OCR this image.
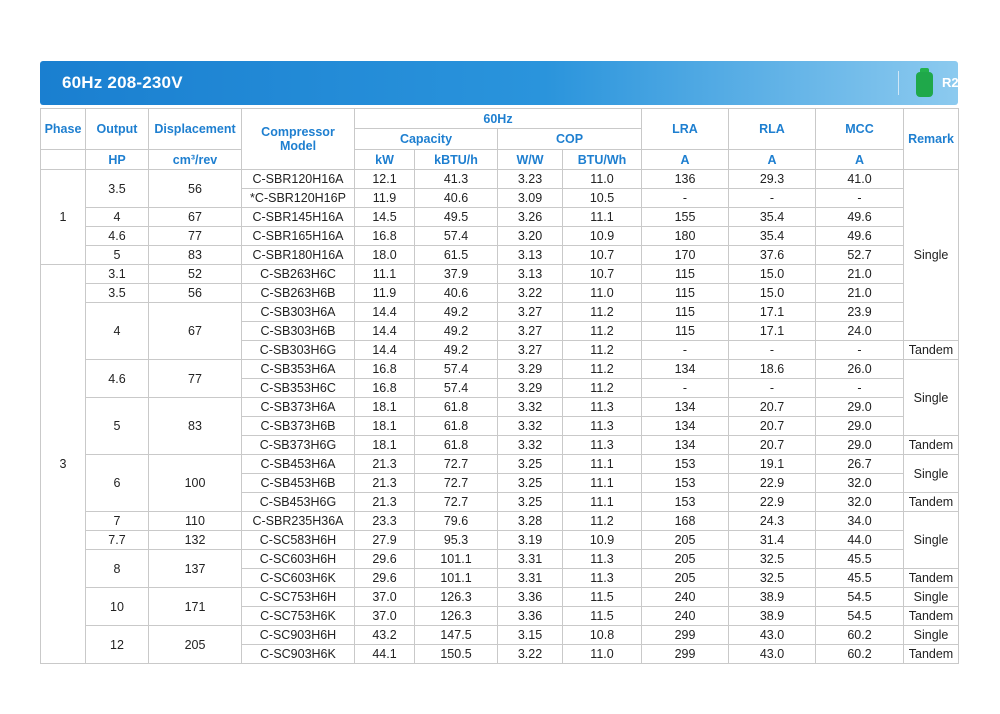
60Hz 208-230V	R22
Phase	Output	Displacement	Compressor Model	60Hz				LRA	RLA	MCC	Remark
				Capacity		COP					
	HP	cm³/rev		kW	kBTU/h	W/W	BTU/Wh	A	A	A	
1	3.5	56	C-SBR120H16A	12.1	41.3	3.23	11.0	136	29.3	41.0	Single
			*C-SBR120H16P	11.9	40.6	3.09	10.5	-	-	-	
	4	67	C-SBR145H16A	14.5	49.5	3.26	11.1	155	35.4	49.6	
	4.6	77	C-SBR165H16A	16.8	57.4	3.20	10.9	180	35.4	49.6	
	5	83	C-SBR180H16A	18.0	61.5	3.13	10.7	170	37.6	52.7	
3	3.1	52	C-SB263H6C	11.1	37.9	3.13	10.7	115	15.0	21.0	
	3.5	56	C-SB263H6B	11.9	40.6	3.22	11.0	115	15.0	21.0	
	4	67	C-SB303H6A	14.4	49.2	3.27	11.2	115	17.1	23.9	
			C-SB303H6B	14.4	49.2	3.27	11.2	115	17.1	24.0	
			C-SB303H6G	14.4	49.2	3.27	11.2	-	-	-	Tandem
	4.6	77	C-SB353H6A	16.8	57.4	3.29	11.2	134	18.6	26.0	Single
			C-SB353H6C	16.8	57.4	3.29	11.2	-	-	-	
	5	83	C-SB373H6A	18.1	61.8	3.32	11.3	134	20.7	29.0	
			C-SB373H6B	18.1	61.8	3.32	11.3	134	20.7	29.0	
			C-SB373H6G	18.1	61.8	3.32	11.3	134	20.7	29.0	Tandem
	6	100	C-SB453H6A	21.3	72.7	3.25	11.1	153	19.1	26.7	Single
			C-SB453H6B	21.3	72.7	3.25	11.1	153	22.9	32.0	
			C-SB453H6G	21.3	72.7	3.25	11.1	153	22.9	32.0	Tandem
	7	110	C-SBR235H36A	23.3	79.6	3.28	11.2	168	24.3	34.0	Single
	7.7	132	C-SC583H6H	27.9	95.3	3.19	10.9	205	31.4	44.0	
	8	137	C-SC603H6H	29.6	101.1	3.31	11.3	205	32.5	45.5	
			C-SC603H6K	29.6	101.1	3.31	11.3	205	32.5	45.5	Tandem
	10	171	C-SC753H6H	37.0	126.3	3.36	11.5	240	38.9	54.5	Single
			C-SC753H6K	37.0	126.3	3.36	11.5	240	38.9	54.5	Tandem
	12	205	C-SC903H6H	43.2	147.5	3.15	10.8	299	43.0	60.2	Single
			C-SC903H6K	44.1	150.5	3.22	11.0	299	43.0	60.2	Tandem
